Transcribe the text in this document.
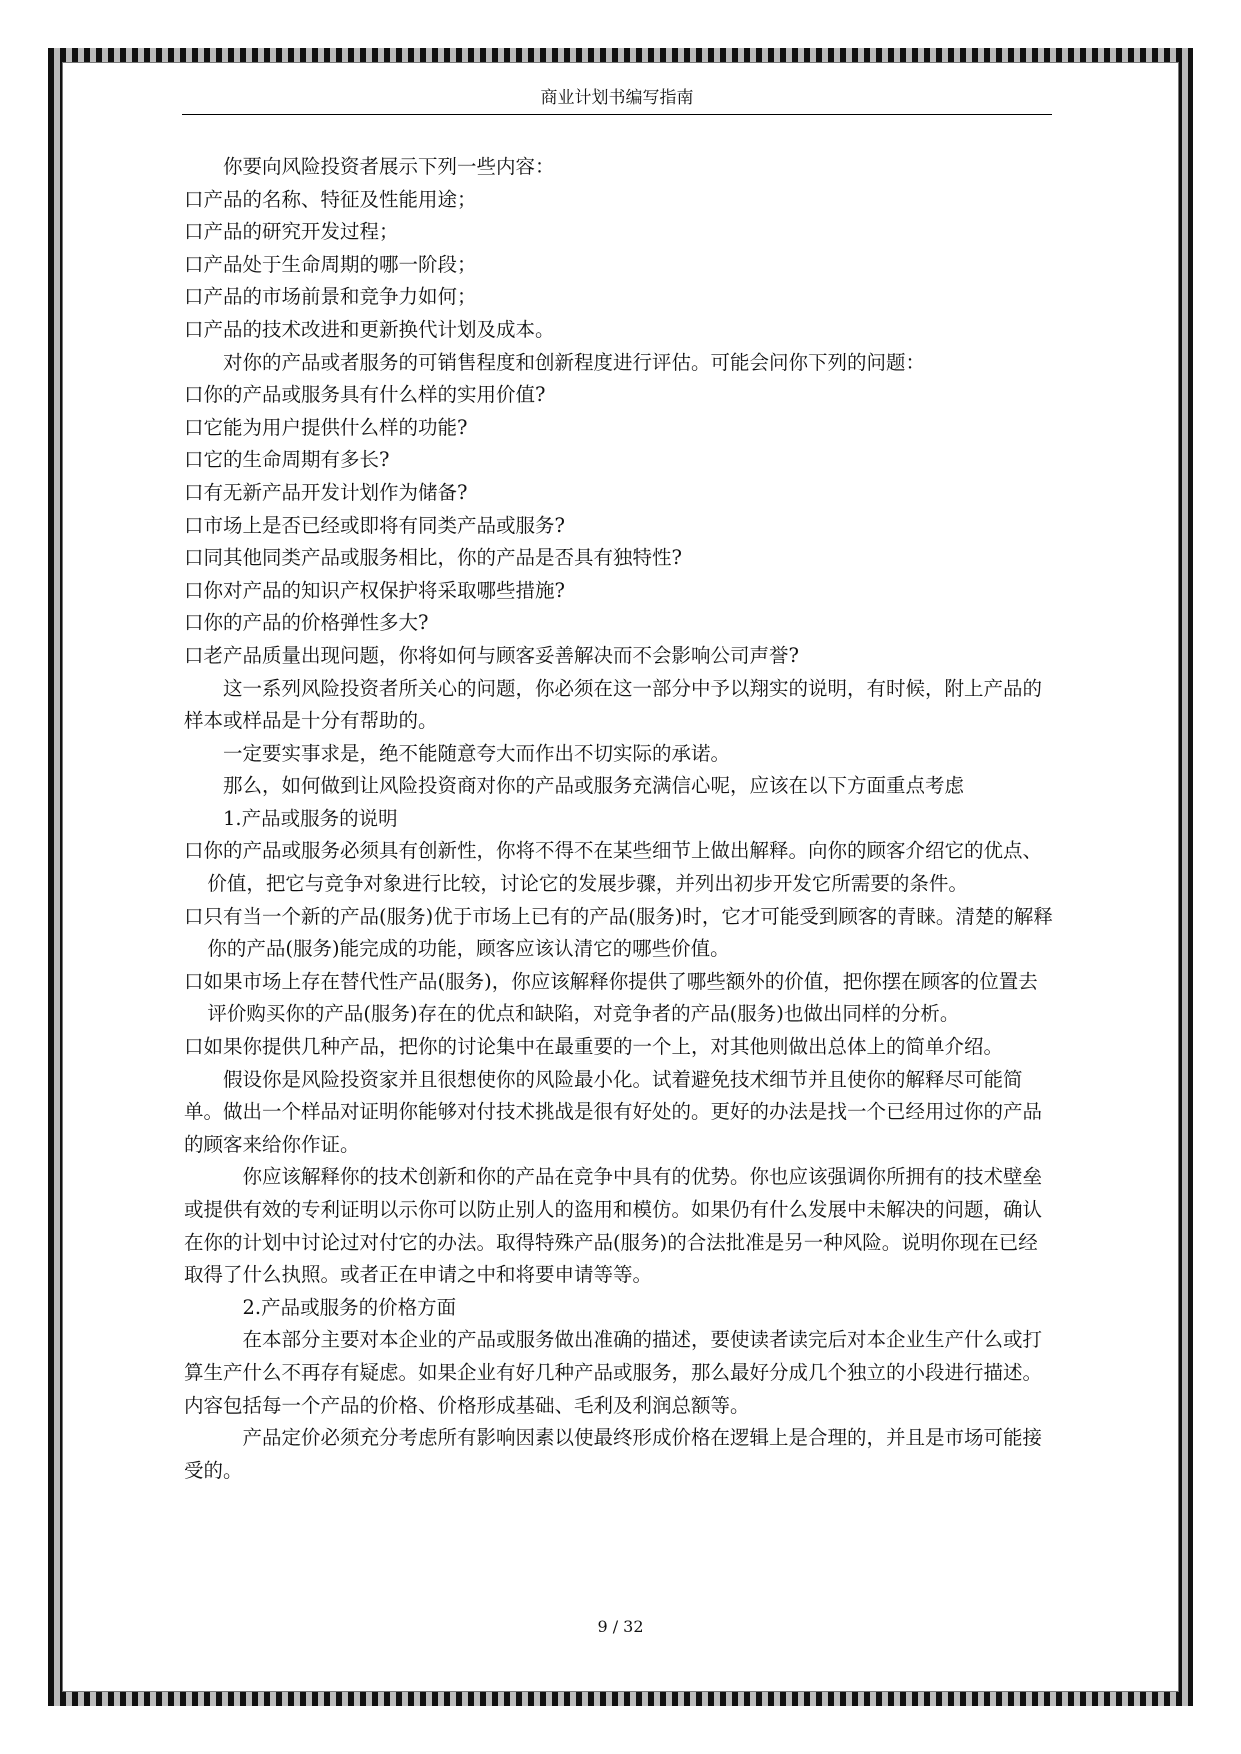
商业计划书编写指南

你要向风险投资者展示下列一些内容：

口产品的名称、特征及性能用途；

口产品的研究开发过程；

口产品处于生命周期的哪一阶段；

口产品的市场前景和竞争力如何；

口产品的技术改进和更新换代计划及成本。

对你的产品或者服务的可销售程度和创新程度进行评估。可能会问你下列的问题：

口你的产品或服务具有什么样的实用价值?

口它能为用户提供什么样的功能?

口它的生命周期有多长?

口有无新产品开发计划作为储备?

口市场上是否已经或即将有同类产品或服务?

口同其他同类产品或服务相比，你的产品是否具有独特性?

口你对产品的知识产权保护将采取哪些措施?

口你的产品的价格弹性多大?

口老产品质量出现问题，你将如何与顾客妥善解决而不会影响公司声誉?

这一系列风险投资者所关心的问题，你必须在这一部分中予以翔实的说明，有时候，附上产品的样本或样品是十分有帮助的。

一定要实事求是，绝不能随意夸大而作出不切实际的承诺。

那么，如何做到让风险投资商对你的产品或服务充满信心呢，应该在以下方面重点考虑

1.产品或服务的说明

口你的产品或服务必须具有创新性，你将不得不在某些细节上做出解释。向你的顾客介绍它的优点、价值，把它与竞争对象进行比较，讨论它的发展步骤，并列出初步开发它所需要的条件。

口只有当一个新的产品(服务)优于市场上已有的产品(服务)时，它才可能受到顾客的青睐。清楚的解释你的产品(服务)能完成的功能，顾客应该认清它的哪些价值。

口如果市场上存在替代性产品(服务)，你应该解释你提供了哪些额外的价值，把你摆在顾客的位置去评价购买你的产品(服务)存在的优点和缺陷，对竞争者的产品(服务)也做出同样的分析。

口如果你提供几种产品，把你的讨论集中在最重要的一个上，对其他则做出总体上的简单介绍。

假设你是风险投资家并且很想使你的风险最小化。试着避免技术细节并且使你的解释尽可能简单。做出一个样品对证明你能够对付技术挑战是很有好处的。更好的办法是找一个已经用过你的产品的顾客来给你作证。

你应该解释你的技术创新和你的产品在竞争中具有的优势。你也应该强调你所拥有的技术壁垒或提供有效的专利证明以示你可以防止别人的盗用和模仿。如果仍有什么发展中未解决的问题，确认在你的计划中讨论过对付它的办法。取得特殊产品(服务)的合法批准是另一种风险。说明你现在已经取得了什么执照。或者正在申请之中和将要申请等等。

2.产品或服务的价格方面

在本部分主要对本企业的产品或服务做出准确的描述，要使读者读完后对本企业生产什么或打算生产什么不再存有疑虑。如果企业有好几种产品或服务，那么最好分成几个独立的小段进行描述。内容包括每一个产品的价格、价格形成基础、毛利及利润总额等。

产品定价必须充分考虑所有影响因素以使最终形成价格在逻辑上是合理的，并且是市场可能接受的。

9 / 32
